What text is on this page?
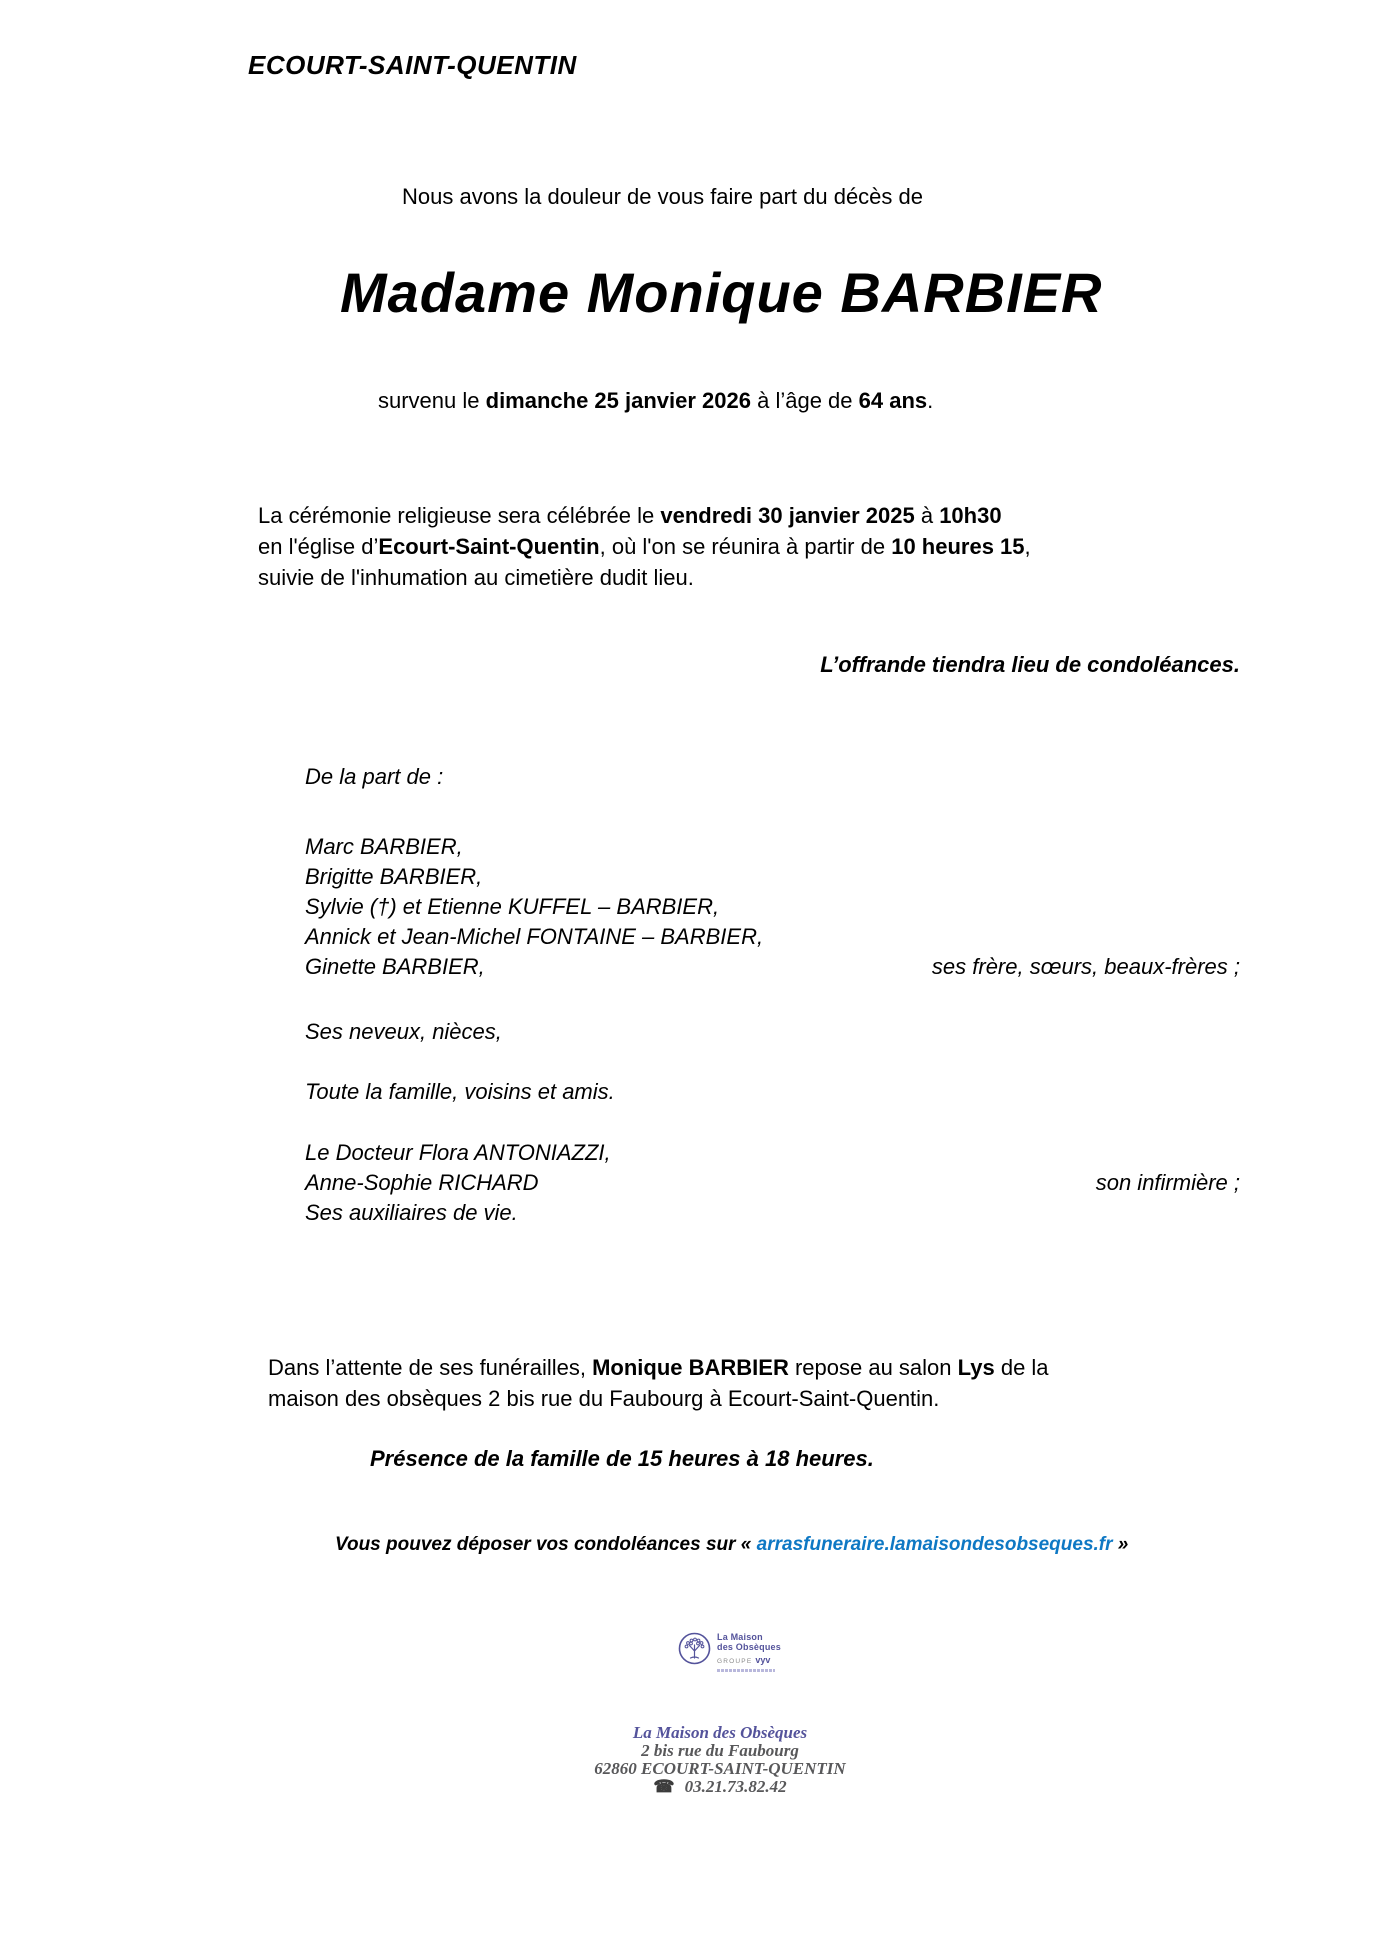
ECOURT-SAINT-QUENTIN
Nous avons la douleur de vous faire part du décès de
Madame Monique BARBIER
survenu le dimanche 25 janvier 2026 à l’âge de 64 ans.
La cérémonie religieuse sera célébrée le vendredi 30 janvier 2025 à 10h30
en l'église d’Ecourt-Saint-Quentin, où l'on se réunira à partir de 10 heures 15,
suivie de l'inhumation au cimetière dudit lieu.
L’offrande tiendra lieu de condoléances.
De la part de :
Marc BARBIER,
Brigitte BARBIER,
Sylvie (†) et Etienne KUFFEL – BARBIER,
Annick et Jean-Michel FONTAINE – BARBIER,
Ginette BARBIER,	ses frère, sœurs, beaux-frères ;
Ses neveux, nièces,
Toute la famille, voisins et amis.
Le Docteur Flora ANTONIAZZI,
Anne-Sophie RICHARD	son infirmière ;
Ses auxiliaires de vie.
Dans l’attente de ses funérailles, Monique BARBIER repose au salon Lys de la
maison des obsèques 2 bis rue du Faubourg à Ecourt-Saint-Quentin.
Présence de la famille de 15 heures à 18 heures.
Vous pouvez déposer vos condoléances sur « arrasfuneraire.lamaisondesobseques.fr »
La Maison
des Obsèques
GROUPE vyv
La Maison des Obsèques
2 bis rue du Faubourg
62860 ECOURT-SAINT-QUENTIN
☎ 03.21.73.82.42
